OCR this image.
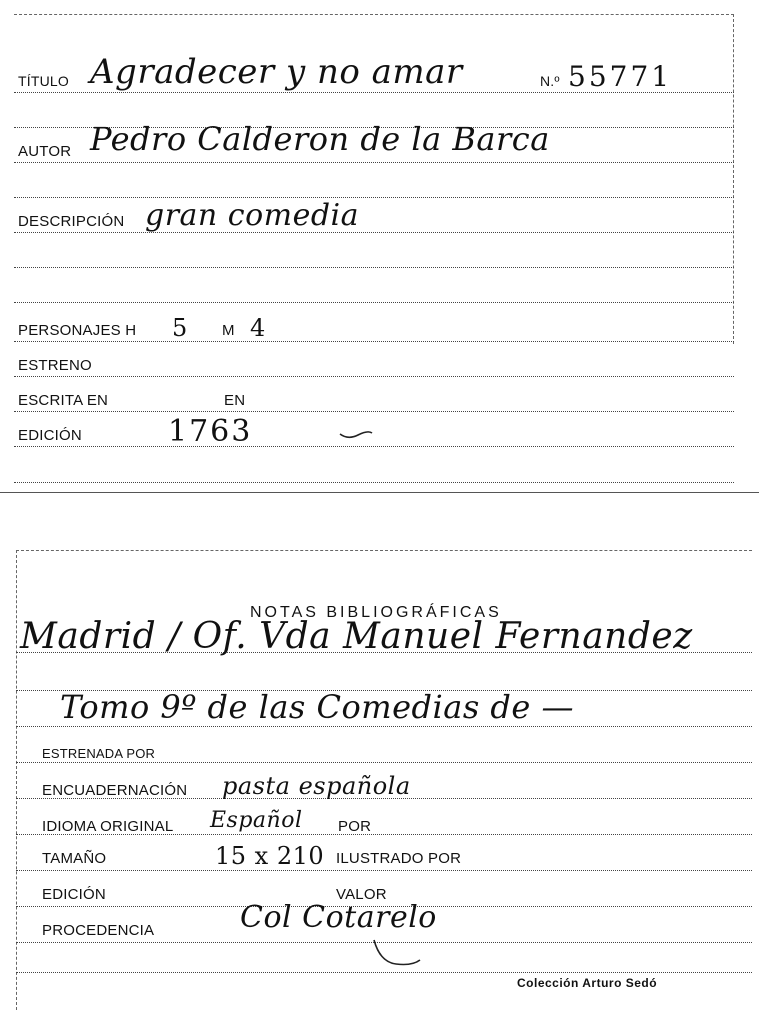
TÍTULO Agradecer y no amar	N.º 55771
AUTOR Pedro Calderon de la Barca
DESCRIPCIÓN gran comedia
PERSONAJES H 5 M 4
ESTRENO
ESCRITA EN	EN
EDICIÓN	1763
NOTAS BIBLIOGRÁFICAS
Madrid / Of. Vda Manuel Fernandez
Tomo 9º de las Comedias de —
ESTRENADA POR
ENCUADERNACIÓN pasta española
IDIOMA ORIGINAL Español POR
TAMAÑO	15 x 210 ILUSTRADO POR
EDICIÓN	VALOR
PROCEDENCIA	Col Cotarelo
Colección Arturo Sedó
